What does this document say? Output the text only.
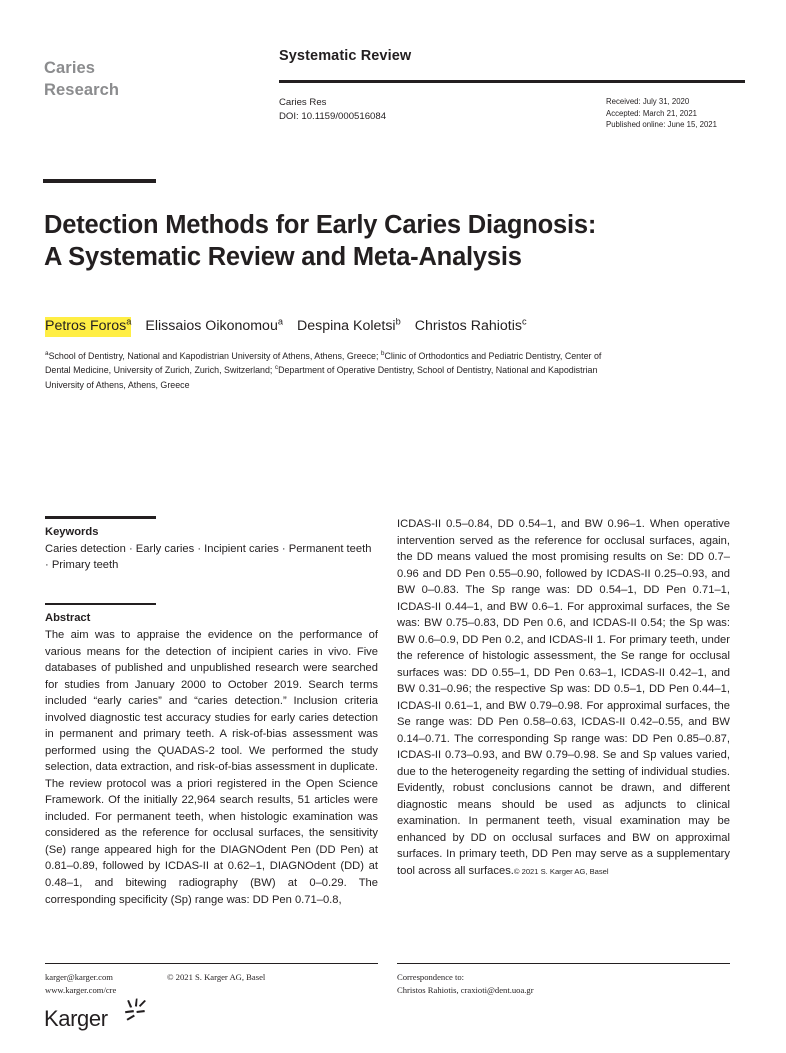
Caries
Research
Systematic Review
Caries Res
DOI: 10.1159/000516084
Received: July 31, 2020
Accepted: March 21, 2021
Published online: June 15, 2021
Detection Methods for Early Caries Diagnosis: A Systematic Review and Meta-Analysis
Petros Foros$^a$ Elissaios Oikonomou$^a$ Despina Koletsi$^b$ Christos Rahiotis$^c$
$^a$School of Dentistry, National and Kapodistrian University of Athens, Athens, Greece; $^b$Clinic of Orthodontics and Pediatric Dentistry, Center of Dental Medicine, University of Zurich, Zurich, Switzerland; $^c$Department of Operative Dentistry, School of Dentistry, National and Kapodistrian University of Athens, Athens, Greece
Keywords
Caries detection · Early caries · Incipient caries · Permanent teeth · Primary teeth
Abstract
The aim was to appraise the evidence on the performance of various means for the detection of incipient caries in vivo. Five databases of published and unpublished research were searched for studies from January 2000 to October 2019. Search terms included “early caries” and “caries detection.” Inclusion criteria involved diagnostic test accuracy studies for early caries detection in permanent and primary teeth. A risk-of-bias assessment was performed using the QUADAS-2 tool. We performed the study selection, data extraction, and risk-of-bias assessment in duplicate. The review protocol was a priori registered in the Open Science Framework. Of the initially 22,964 search results, 51 articles were included. For permanent teeth, when histologic examination was considered as the reference for occlusal surfaces, the sensitivity (Se) range appeared high for the DIAGNOdent Pen (DD Pen) at 0.81–0.89, followed by ICDAS-II at 0.62–1, DIAGNOdent (DD) at 0.48–1, and bitewing radiography (BW) at 0–0.29. The corresponding specificity (Sp) range was: DD Pen 0.71–0.8,
ICDAS-II 0.5–0.84, DD 0.54–1, and BW 0.96–1. When operative intervention served as the reference for occlusal surfaces, again, the DD means valued the most promising results on Se: DD 0.7–0.96 and DD Pen 0.55–0.90, followed by ICDAS-II 0.25–0.93, and BW 0–0.83. The Sp range was: DD 0.54–1, DD Pen 0.71–1, ICDAS-II 0.44–1, and BW 0.6–1. For approximal surfaces, the Se was: BW 0.75–0.83, DD Pen 0.6, and ICDAS-II 0.54; the Sp was: BW 0.6–0.9, DD Pen 0.2, and ICDAS-II 1. For primary teeth, under the reference of histologic assessment, the Se range for occlusal surfaces was: DD 0.55–1, DD Pen 0.63–1, ICDAS-II 0.42–1, and BW 0.31–0.96; the respective Sp was: DD 0.5–1, DD Pen 0.44–1, ICDAS-II 0.61–1, and BW 0.79–0.98. For approximal surfaces, the Se range was: DD Pen 0.58–0.63, ICDAS-II 0.42–0.55, and BW 0.14–0.71. The corresponding Sp range was: DD Pen 0.85–0.87, ICDAS-II 0.73–0.93, and BW 0.79–0.98. Se and Sp values varied, due to the heterogeneity regarding the setting of individual studies. Evidently, robust conclusions cannot be drawn, and different diagnostic means should be used as adjuncts to clinical examination. In permanent teeth, visual examination may be enhanced by DD on occlusal surfaces and BW on approximal surfaces. In primary teeth, DD Pen may serve as a supplementary tool across all surfaces.© 2021 S. Karger AG, Basel
karger@karger.com
www.karger.com/cre
© 2021 S. Karger AG, Basel	Correspondence to:
Christos Rahiotis, craxioti@dent.uoa.gr
Karger
